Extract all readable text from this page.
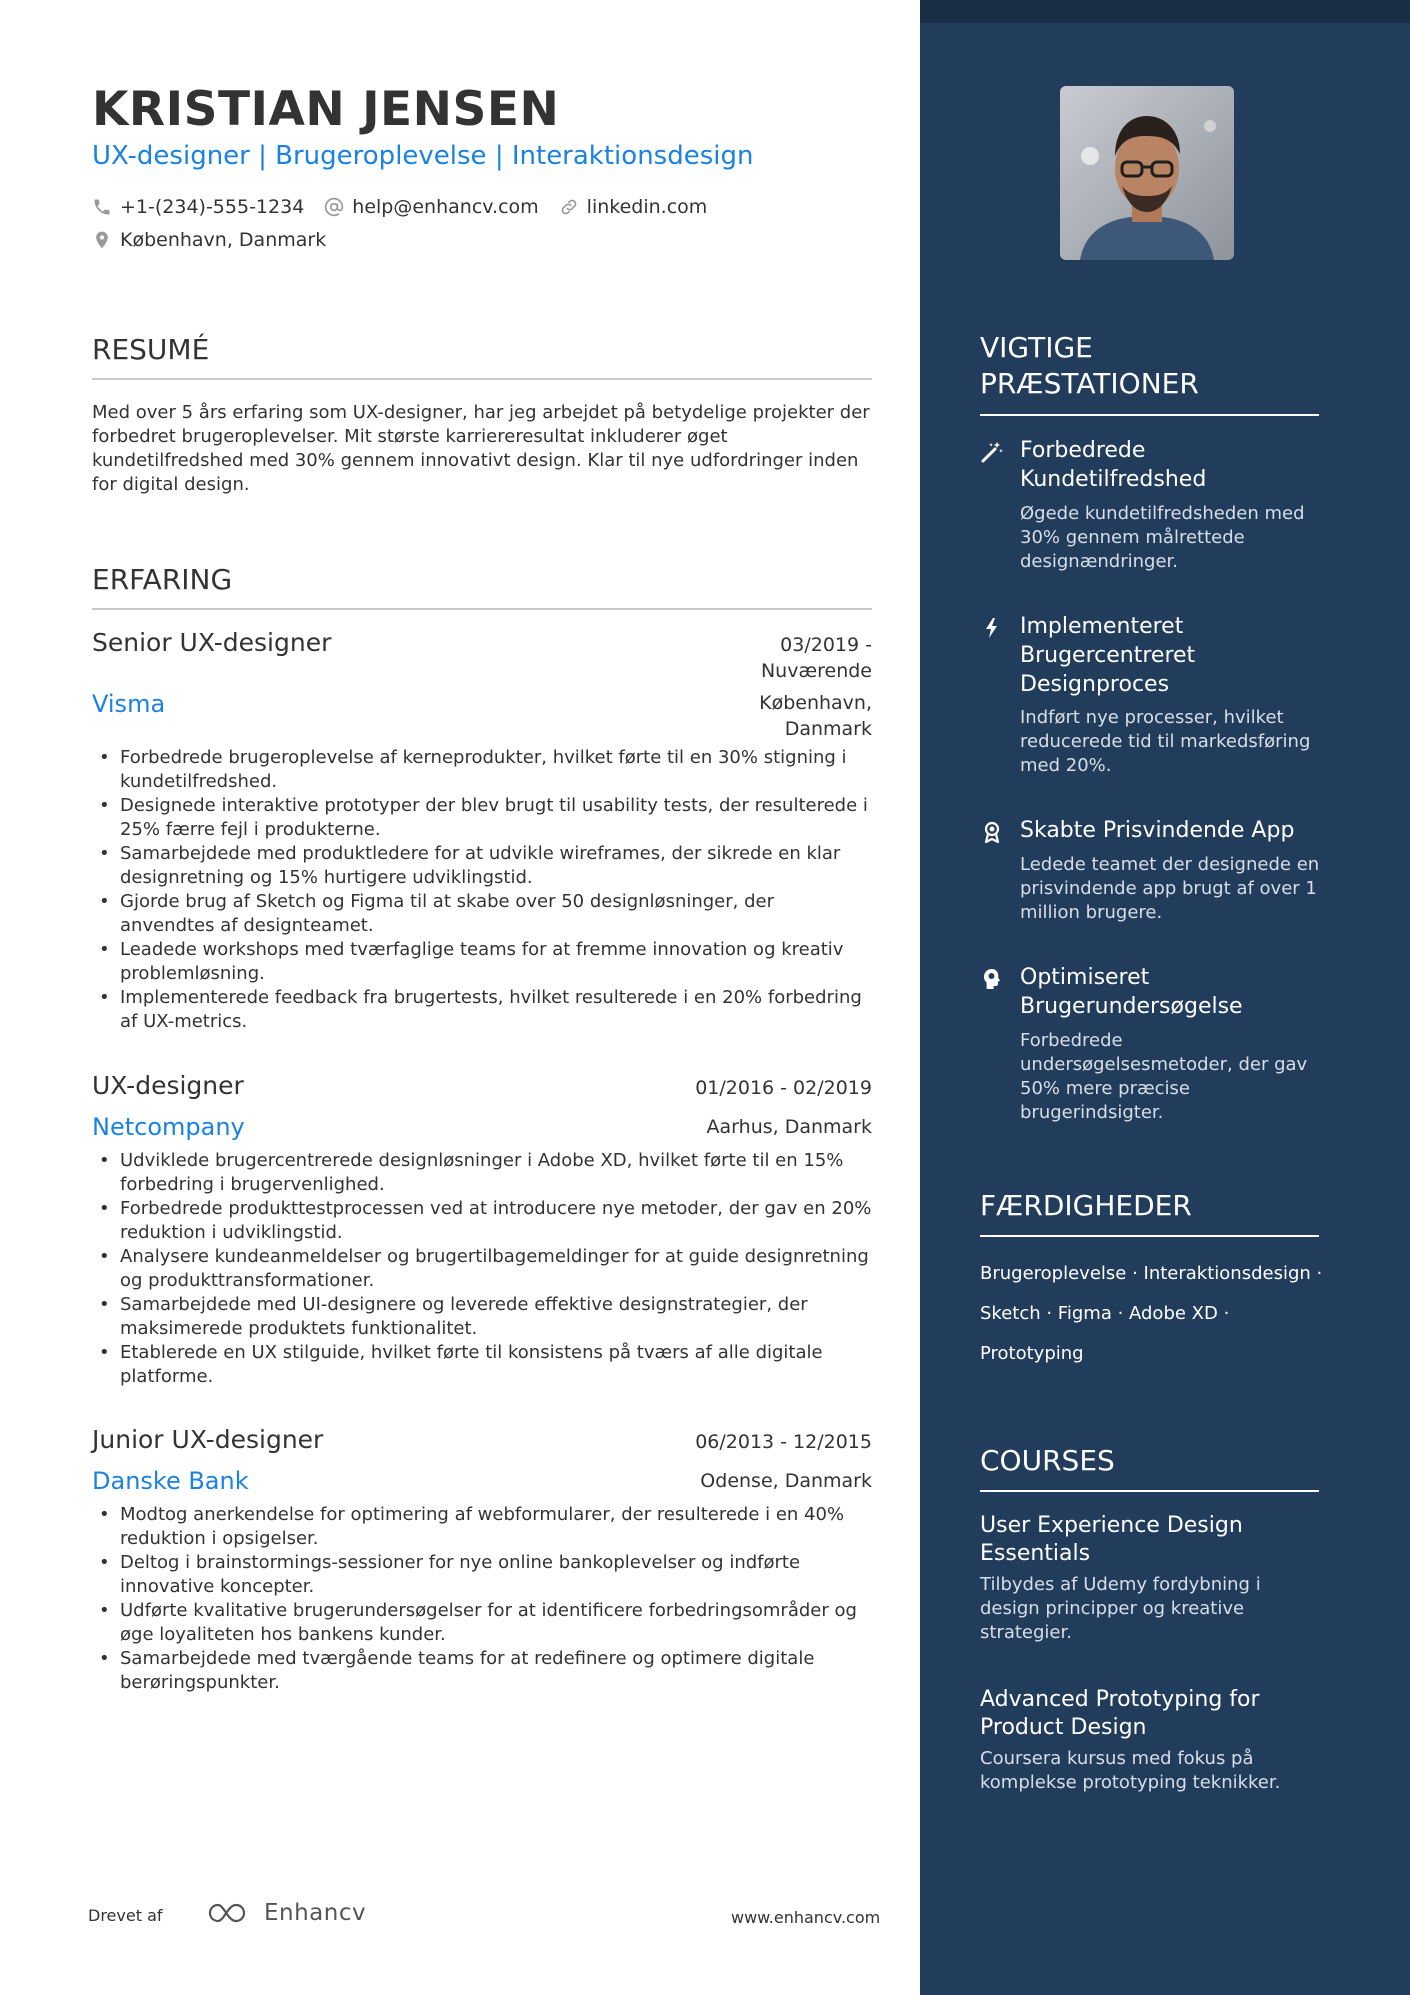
KRISTIAN JENSEN
UX-designer | Brugeroplevelse | Interaktionsdesign
+1-(234)-555-1234	help@enhancv.com	linkedin.com
København, Danmark
RESUMÉ
Med over 5 års erfaring som UX-designer, har jeg arbejdet på betydelige projekter der forbedret brugeroplevelser. Mit største karriereresultat inkluderer øget kundetilfredshed med 30% gennem innovativt design. Klar til nye udfordringer inden for digital design.
ERFARING
Senior UX-designer	03/2019 - Nuværende
Visma	København, Danmark
• Forbedrede brugeroplevelse af kerneprodukter, hvilket førte til en 30% stigning i kundetilfredshed.
• Designede interaktive prototyper der blev brugt til usability tests, der resulterede i 25% færre fejl i produkterne.
• Samarbejdede med produktledere for at udvikle wireframes, der sikrede en klar designretning og 15% hurtigere udviklingstid.
• Gjorde brug af Sketch og Figma til at skabe over 50 designløsninger, der anvendtes af designteamet.
• Leadede workshops med tværfaglige teams for at fremme innovation og kreativ problemløsning.
• Implementerede feedback fra brugertests, hvilket resulterede i en 20% forbedring af UX-metrics.
UX-designer	01/2016 - 02/2019
Netcompany	Aarhus, Danmark
• Udviklede brugercentrerede designløsninger i Adobe XD, hvilket førte til en 15% forbedring i brugervenlighed.
• Forbedrede produkttestprocessen ved at introducere nye metoder, der gav en 20% reduktion i udviklingstid.
• Analysere kundeanmeldelser og brugertilbagemeldinger for at guide designretning og produkttransformationer.
• Samarbejdede med UI-designere og leverede effektive designstrategier, der maksimerede produktets funktionalitet.
• Etablerede en UX stilguide, hvilket førte til konsistens på tværs af alle digitale platforme.
Junior UX-designer	06/2013 - 12/2015
Danske Bank	Odense, Danmark
• Modtog anerkendelse for optimering af webformularer, der resulterede i en 40% reduktion i opsigelser.
• Deltog i brainstormings-sessioner for nye online bankoplevelser og indførte innovative koncepter.
• Udførte kvalitative brugerundersøgelser for at identificere forbedringsområder og øge loyaliteten hos bankens kunder.
• Samarbejdede med tværgående teams for at redefinere og optimere digitale berøringspunkter.
Drevet af	Enhancv	www.enhancv.com
VIGTIGE PRÆSTATIONER
Forbedrede Kundetilfredshed
Øgede kundetilfredsheden med 30% gennem målrettede designændringer.
Implementeret Brugercentreret Designproces
Indført nye processer, hvilket reducerede tid til markedsføring med 20%.
Skabte Prisvindende App
Ledede teamet der designede en prisvindende app brugt af over 1 million brugere.
Optimiseret Brugerundersøgelse
Forbedrede undersøgelsesmetoder, der gav 50% mere præcise brugerindsigter.
FÆRDIGHEDER
Brugeroplevelse · Interaktionsdesign ·
Sketch · Figma · Adobe XD ·
Prototyping
COURSES
User Experience Design Essentials
Tilbydes af Udemy fordybning i design principper og kreative strategier.
Advanced Prototyping for Product Design
Coursera kursus med fokus på komplekse prototyping teknikker.
